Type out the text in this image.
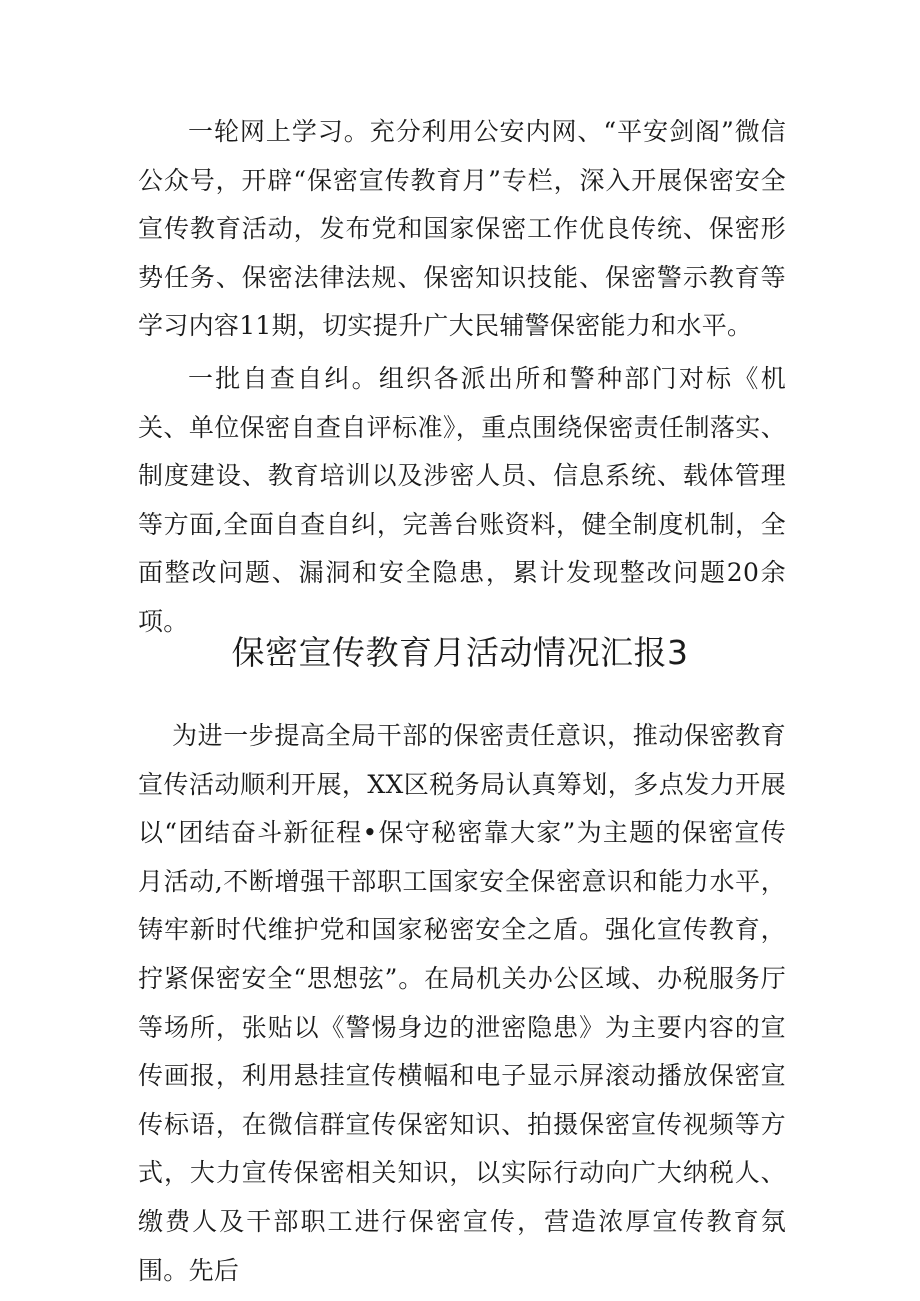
一轮网上学习。充分利用公安内网、“平安剑阁”微信公众号，开辟“保密宣传教育月”专栏，深入开展保密安全宣传教育活动，发布党和国家保密工作优良传统、保密形势任务、保密法律法规、保密知识技能、保密警示教育等学习内容11期，切实提升广大民辅警保密能力和水平。

一批自查自纠。组织各派出所和警种部门对标《机关、单位保密自查自评标准》，重点围绕保密责任制落实、制度建设、教育培训以及涉密人员、信息系统、载体管理等方面,全面自查自纠，完善台账资料，健全制度机制，全面整改问题、漏洞和安全隐患，累计发现整改问题20余项。

保密宣传教育月活动情况汇报3

为进一步提高全局干部的保密责任意识，推动保密教育宣传活动顺利开展，XX区税务局认真筹划，多点发力开展以“团结奋斗新征程•保守秘密靠大家”为主题的保密宣传月活动,不断增强干部职工国家安全保密意识和能力水平，铸牢新时代维护党和国家秘密安全之盾。强化宣传教育，拧紧保密安全“思想弦”。在局机关办公区域、办税服务厅等场所，张贴以《警惕身边的泄密隐患》为主要内容的宣传画报，利用悬挂宣传横幅和电子显示屏滚动播放保密宣传标语，在微信群宣传保密知识、拍摄保密宣传视频等方式，大力宣传保密相关知识，以实际行动向广大纳税人、缴费人及干部职工进行保密宣传，营造浓厚宣传教育氛围。先后
